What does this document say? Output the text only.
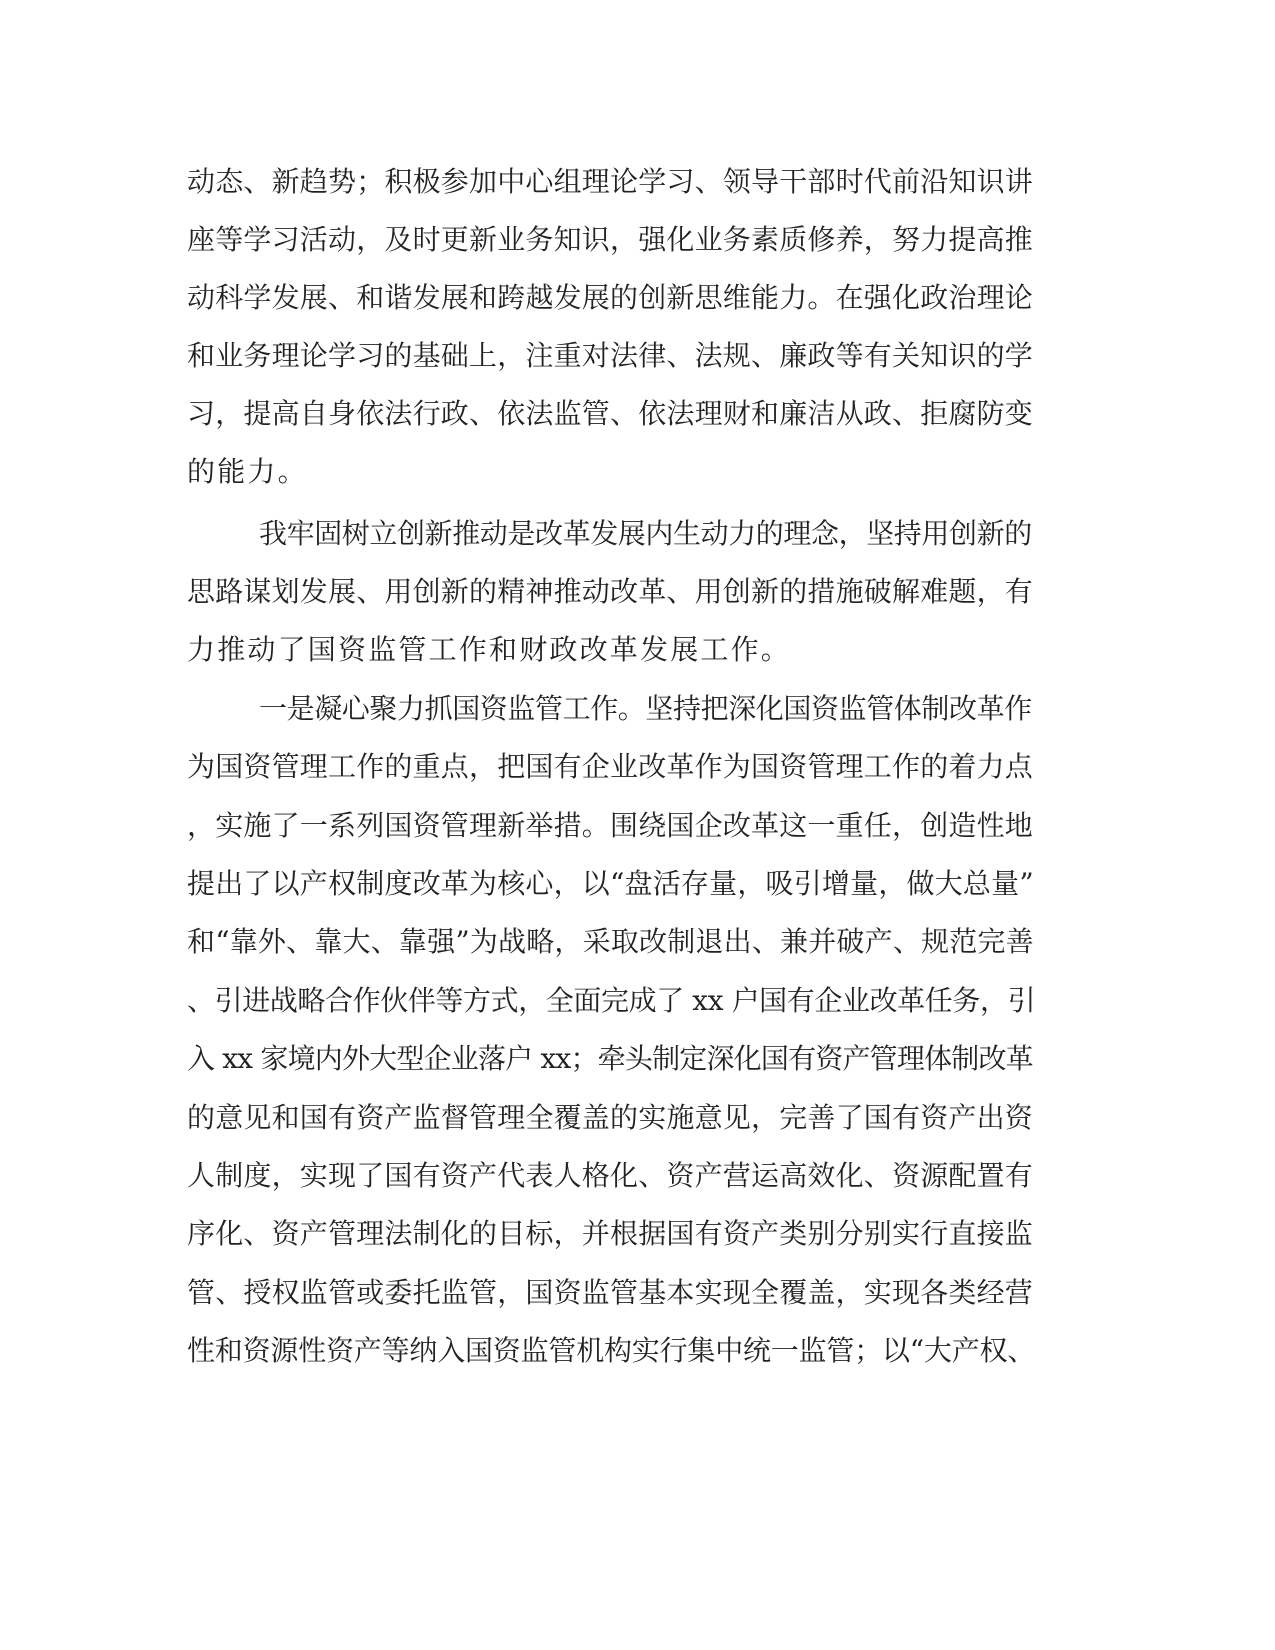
动态、新趋势；积极参加中心组理论学习、领导干部时代前沿知识讲
座等学习活动，及时更新业务知识，强化业务素质修养，努力提高推
动科学发展、和谐发展和跨越发展的创新思维能力。在强化政治理论
和业务理论学习的基础上，注重对法律、法规、廉政等有关知识的学
习，提高自身依法行政、依法监管、依法理财和廉洁从政、拒腐防变
的能力。
我牢固树立创新推动是改革发展内生动力的理念，坚持用创新的
思路谋划发展、用创新的精神推动改革、用创新的措施破解难题，有
力推动了国资监管工作和财政改革发展工作。
一是凝心聚力抓国资监管工作。坚持把深化国资监管体制改革作
为国资管理工作的重点，把国有企业改革作为国资管理工作的着力点
，实施了一系列国资管理新举措。围绕国企改革这一重任，创造性地
提出了以产权制度改革为核心，以“盘活存量，吸引增量，做大总量”
和“靠外、靠大、靠强”为战略，采取改制退出、兼并破产、规范完善
、引进战略合作伙伴等方式，全面完成了 xx 户国有企业改革任务，引
入 xx 家境内外大型企业落户 xx；牵头制定深化国有资产管理体制改革
的意见和国有资产监督管理全覆盖的实施意见，完善了国有资产出资
人制度，实现了国有资产代表人格化、资产营运高效化、资源配置有
序化、资产管理法制化的目标，并根据国有资产类别分别实行直接监
管、授权监管或委托监管，国资监管基本实现全覆盖，实现各类经营
性和资源性资产等纳入国资监管机构实行集中统一监管；以“大产权、
